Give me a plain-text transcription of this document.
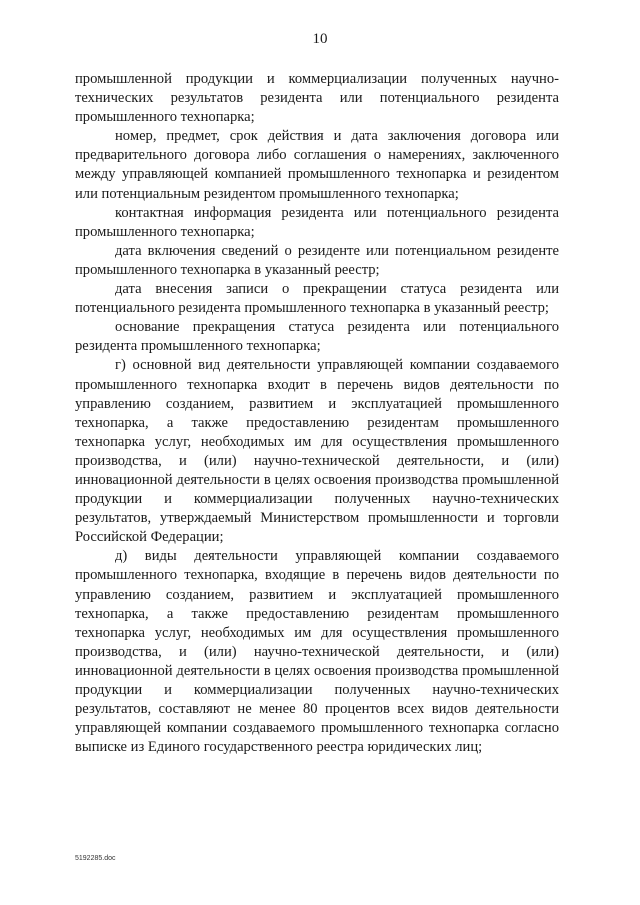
10

промышленной продукции и коммерциализации полученных научно-технических результатов резидента или потенциального резидента промышленного технопарка;

номер, предмет, срок действия и дата заключения договора или предварительного договора либо соглашения о намерениях, заключенного между управляющей компанией промышленного технопарка и резидентом или потенциальным резидентом промышленного технопарка;

контактная информация резидента или потенциального резидента промышленного технопарка;

дата включения сведений о резиденте или потенциальном резиденте промышленного технопарка в указанный реестр;

дата внесения записи о прекращении статуса резидента или потенциального резидента промышленного технопарка в указанный реестр;

основание прекращения статуса резидента или потенциального резидента промышленного технопарка;

г) основной вид деятельности управляющей компании создаваемого промышленного технопарка входит в перечень видов деятельности по управлению созданием, развитием и эксплуатацией промышленного технопарка, а также предоставлению резидентам промышленного технопарка услуг, необходимых им для осуществления промышленного производства, и (или) научно-технической деятельности, и (или) инновационной деятельности в целях освоения производства промышленной продукции и коммерциализации полученных научно-технических результатов, утверждаемый Министерством промышленности и торговли Российской Федерации;

д) виды деятельности управляющей компании создаваемого промышленного технопарка, входящие в перечень видов деятельности по управлению созданием, развитием и эксплуатацией промышленного технопарка, а также предоставлению резидентам промышленного технопарка услуг, необходимых им для осуществления промышленного производства, и (или) научно-технической деятельности, и (или) инновационной деятельности в целях освоения производства промышленной продукции и коммерциализации полученных научно-технических результатов, составляют не менее 80 процентов всех видов деятельности управляющей компании создаваемого промышленного технопарка согласно выписке из Единого государственного реестра юридических лиц;

5192285.doc
